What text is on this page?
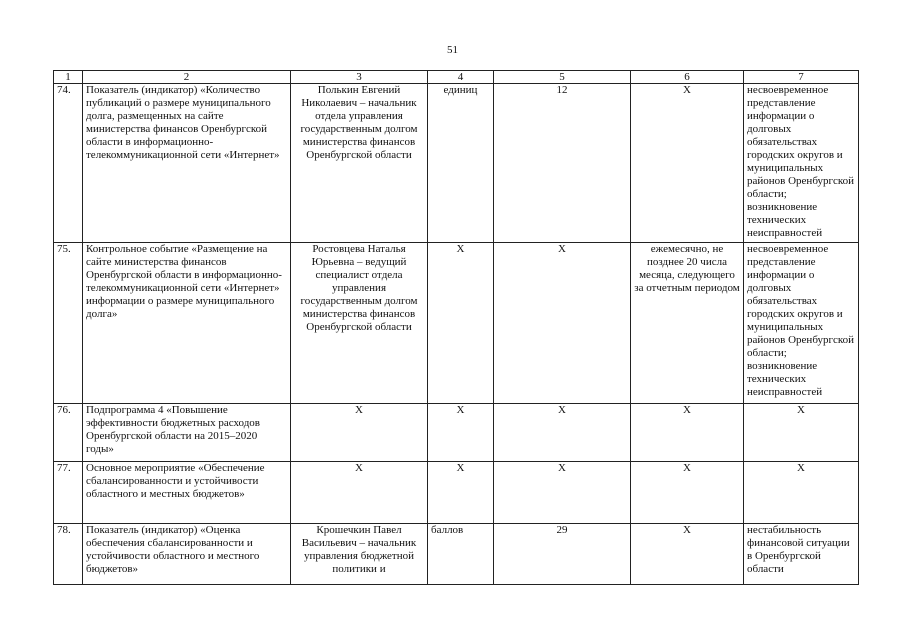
51
1	2	3	4	5	6	7
74.	Показатель (индикатор) «Количество публикаций о размере муниципального долга, размещенных на сайте министерства финансов Оренбургской области в информационно-телекоммуникационной сети «Интернет»	Полькин Евгений Николаевич – начальник отдела управления государственным долгом министерства финансов Оренбургской области	единиц	12	Х	несвоевременное представление информации о долговых обязательствах городских округов и муниципальных районов Оренбургской области; возникновение технических неисправностей
75.	Контрольное событие «Размещение на сайте министерства финансов Оренбургской области в информационно-телекоммуникационной сети «Интернет» информации о размере муниципального долга»	Ростовцева Наталья Юрьевна – ведущий специалист отдела управления государственным долгом министерства финансов Оренбургской области	Х	Х	ежемесячно, не позднее 20 числа месяца, следующего за отчетным периодом	несвоевременное представление информации о долговых обязательствах городских округов и муниципальных районов Оренбургской области; возникновение технических неисправностей
76.	Подпрограмма 4 «Повышение эффективности бюджетных расходов Оренбургской области на 2015–2020 годы»	Х	Х	Х	Х	Х
77.	Основное мероприятие «Обеспечение сбалансированности и устойчивости областного и местных бюджетов»	Х	Х	Х	Х	Х
78.	Показатель (индикатор) «Оценка обеспечения сбалансированности и устойчивости областного и местного бюджетов»	Крошечкин Павел Васильевич – начальник управления бюджетной политики и	баллов	29	Х	нестабильность финансовой ситуации в Оренбургской области
